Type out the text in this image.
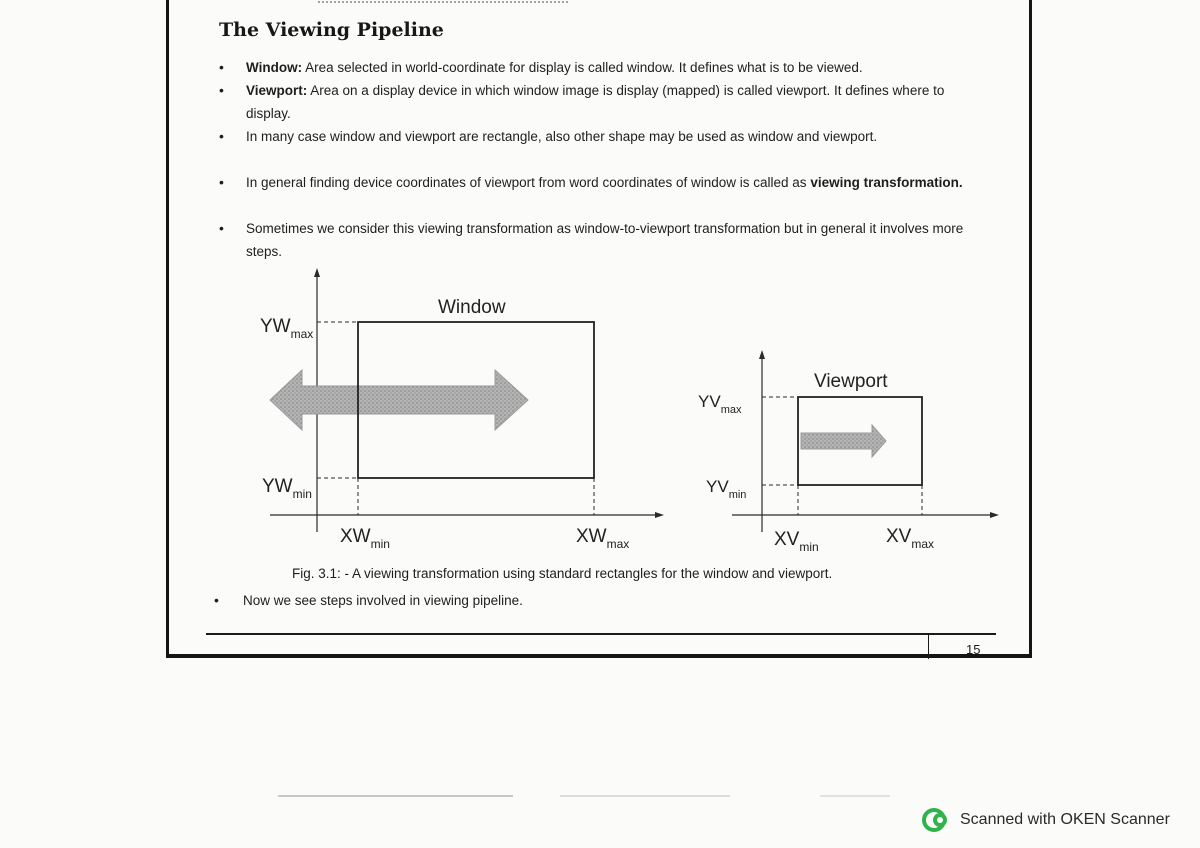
The Viewing Pipeline
• Window: Area selected in world-coordinate for display is called window. It defines what is to be viewed.
• Viewport: Area on a display device in which window image is display (mapped) is called viewport. It defines where to display.
• In many case window and viewport are rectangle, also other shape may be used as window and viewport.
• In general finding device coordinates of viewport from word coordinates of window is called as viewing transformation.
• Sometimes we consider this viewing transformation as window-to-viewport transformation but in general it involves more steps.
• Now we see steps involved in viewing pipeline.
Window
Viewport
$YW_{max}$
$YW_{min}$
$XW_{min}$	$XW_{max}$
$YV_{max}$
$YV_{min}$
$XV_{min}$	$XV_{max}$
Fig. 3.1: - A viewing transformation using standard rectangles for the window and viewport.
15
Scanned with OKEN Scanner
